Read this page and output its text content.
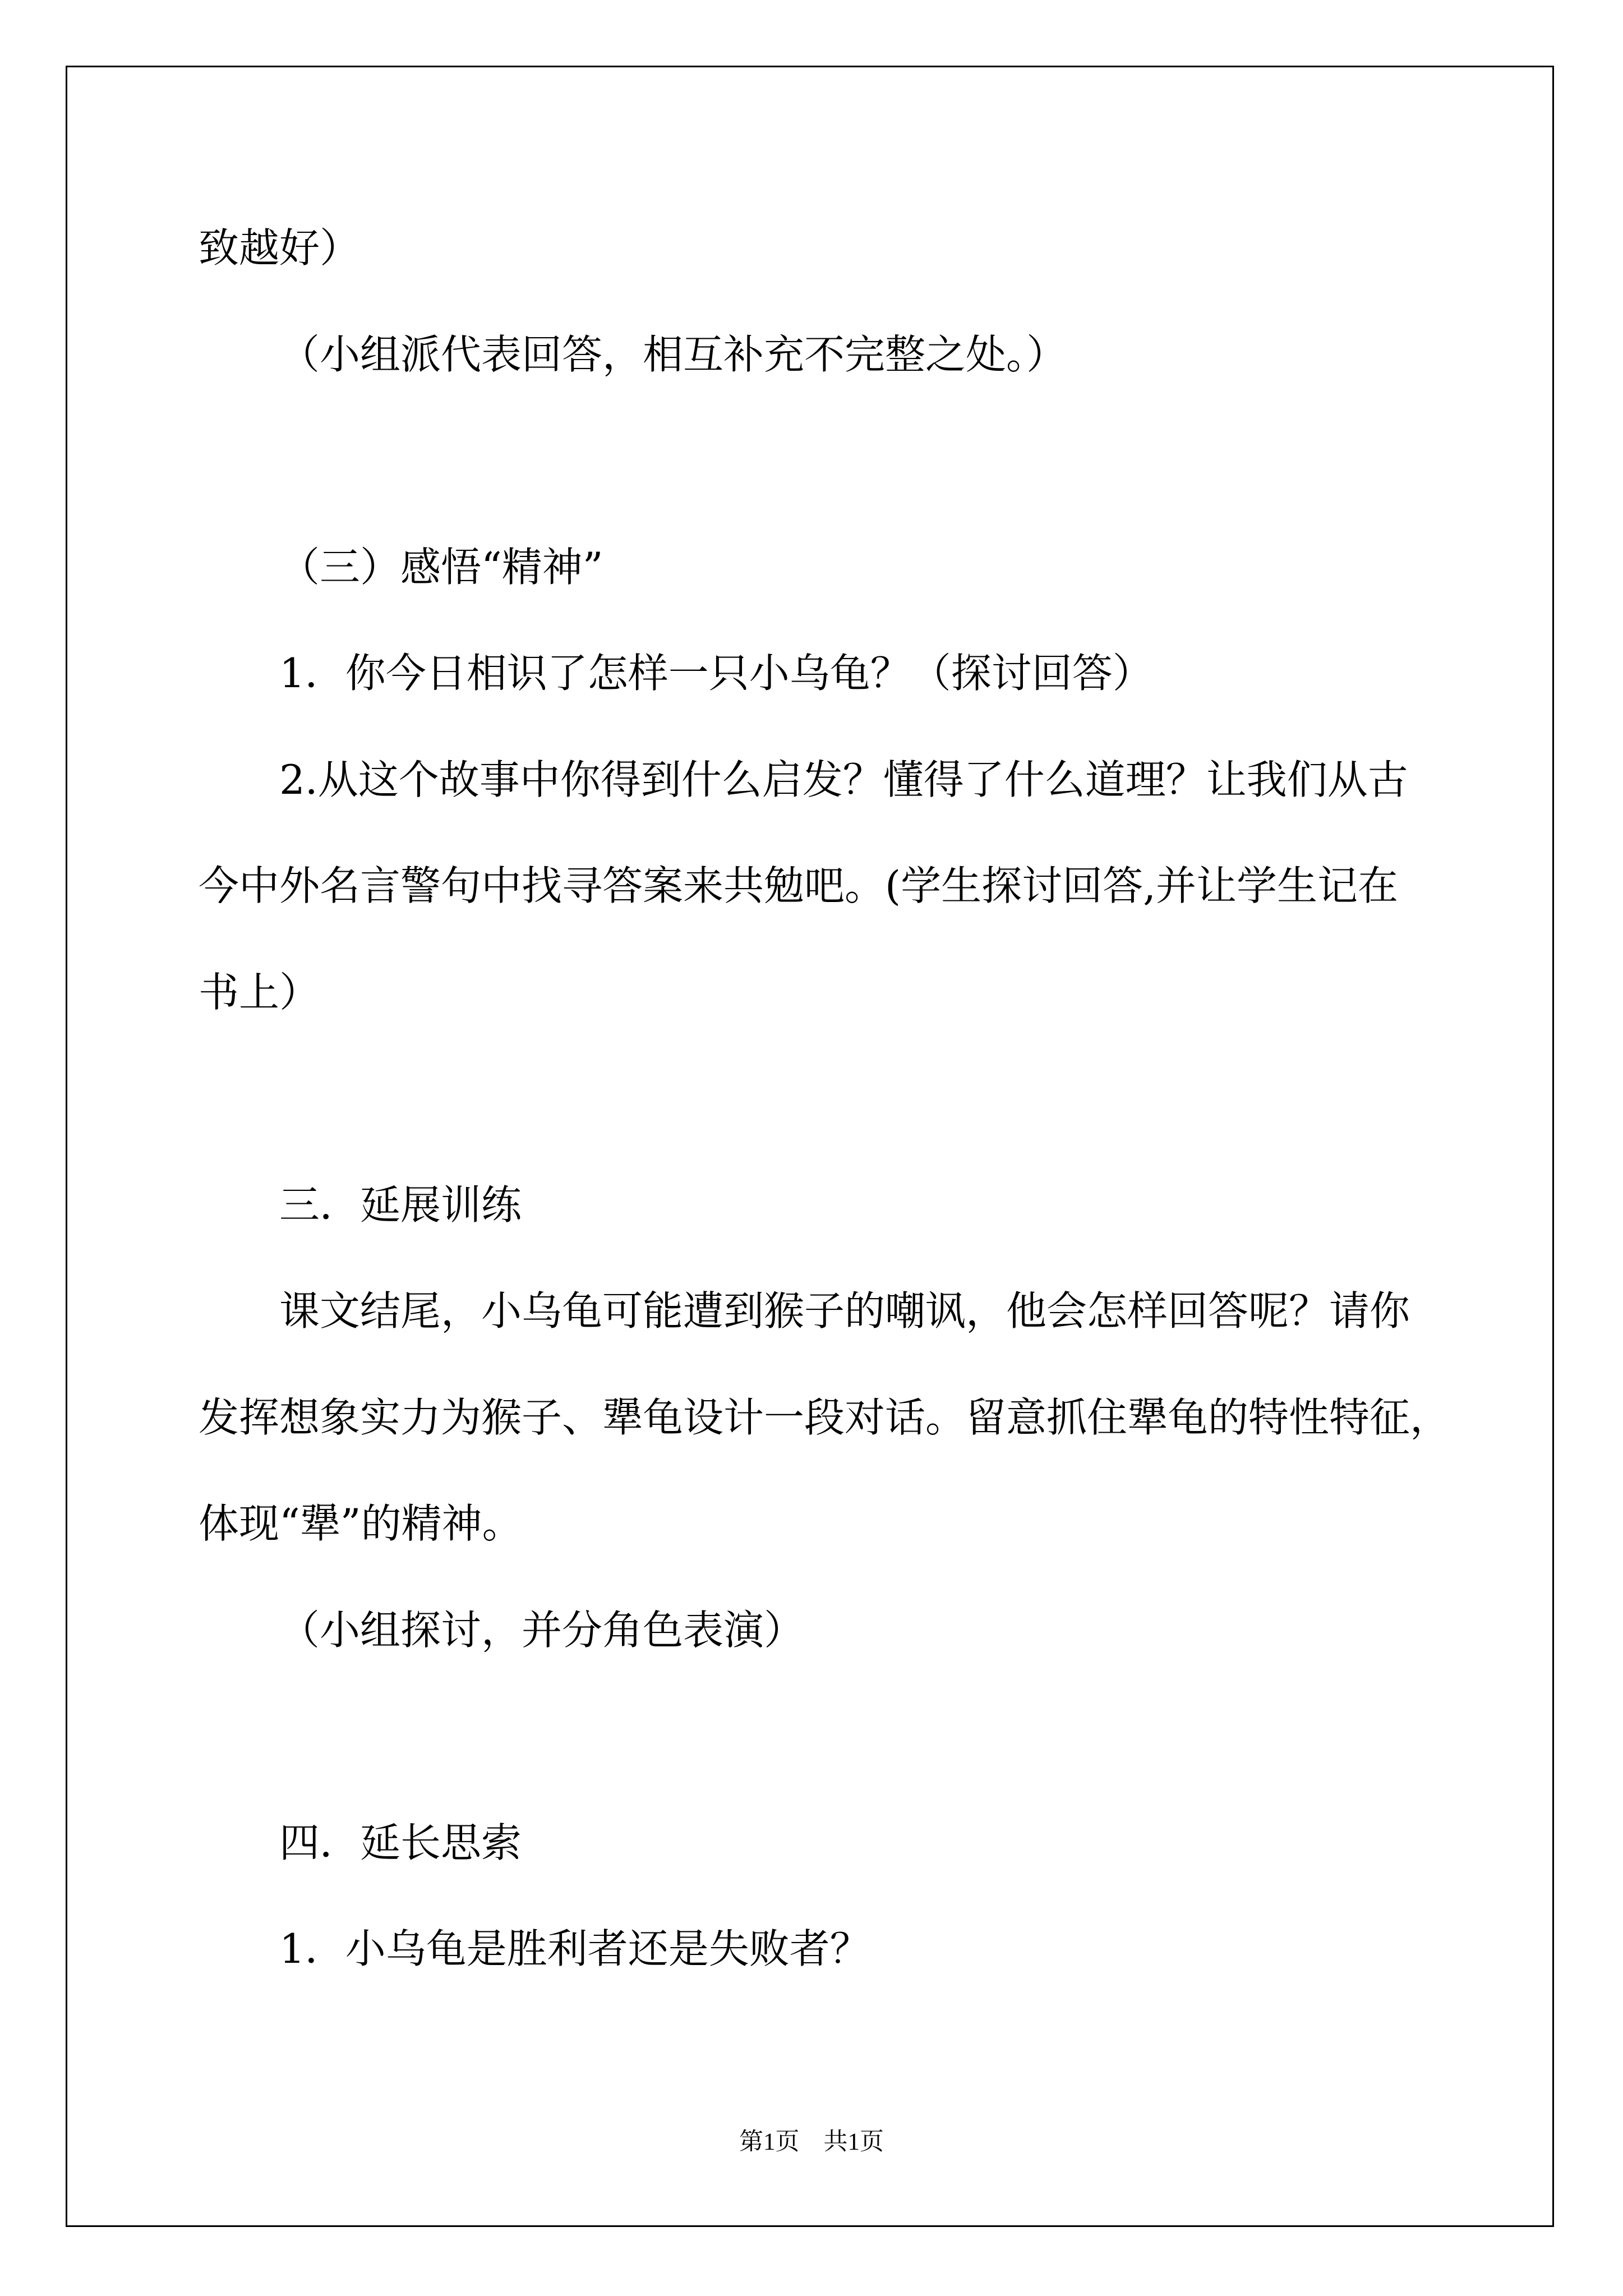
致越好）
（小组派代表回答，相互补充不完整之处。）
（三）感悟“精神”
1．你今日相识了怎样一只小乌龟？（探讨回答）
2.从这个故事中你得到什么启发？懂得了什么道理？让我们从古
今中外名言警句中找寻答案来共勉吧。(学生探讨回答,并让学生记在
书上）
三．延展训练
课文结尾，小乌龟可能遭到猴子的嘲讽，他会怎样回答呢？请你
发挥想象实力为猴子、犟龟设计一段对话。留意抓住犟龟的特性特征，
体现“犟”的精神。
（小组探讨，并分角色表演）
四．延长思索
1．小乌龟是胜利者还是失败者？
第1页　共1页
